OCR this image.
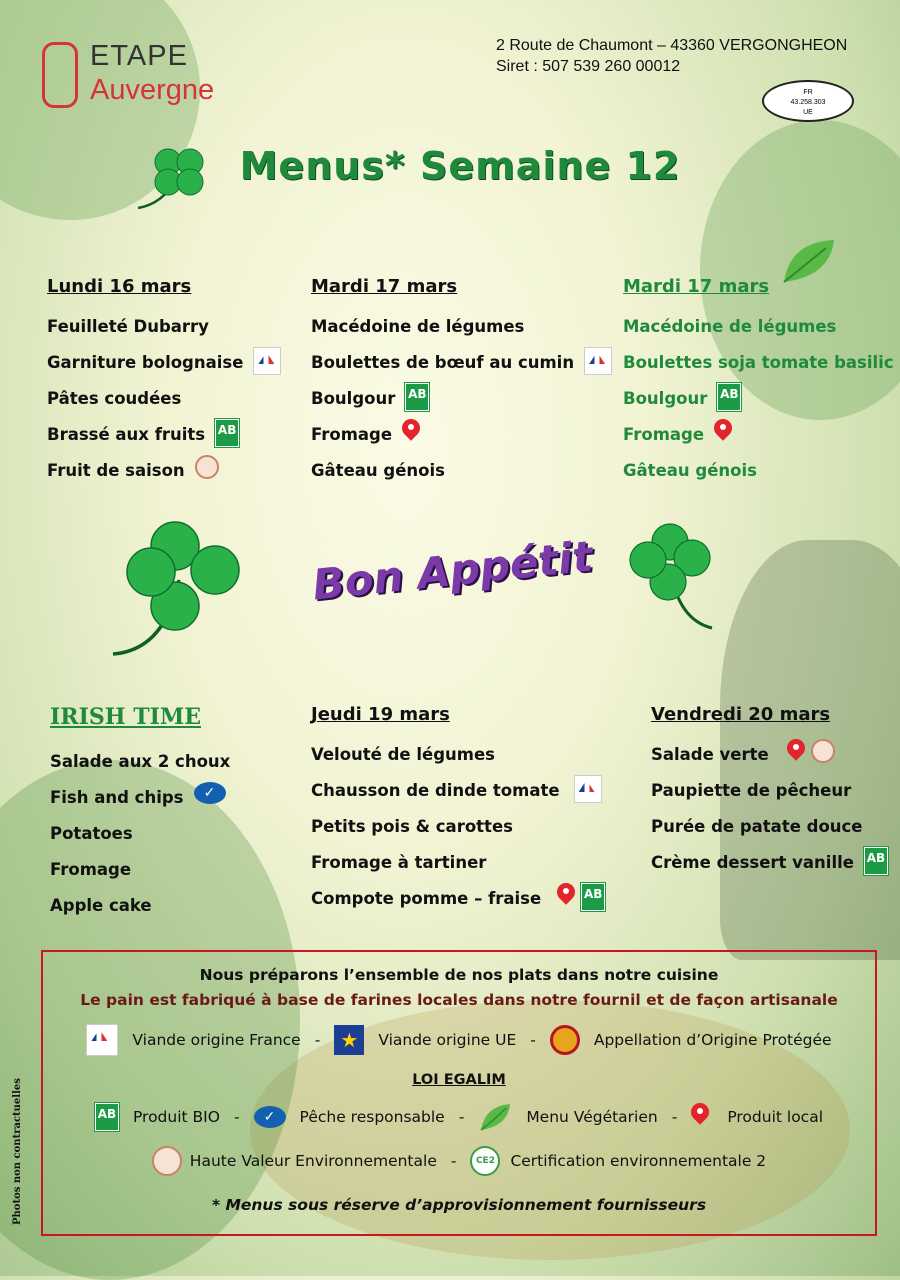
ETAPE
Auvergne
2 Route de Chaumont – 43360 VERGONGHEON
Siret : 507 539 260 00012
FR
43.258.303
UE
Menus* Semaine 12
Lundi 16 mars
Feuilleté Dubarry
Garniture bolognaise
Pâtes coudées
Brassé aux fruits AB
Fruit de saison
Mardi 17 mars
Macédoine de légumes
Boulettes de bœuf au cumin
Boulgour AB
Fromage
Gâteau génois
Mardi 17 mars
Macédoine de légumes
Boulettes soja tomate basilic
Boulgour AB
Fromage
Gâteau génois
Bon Appétit
IRISH TIME
Salade aux 2 choux
Fish and chips	✓
Potatoes
Fromage
Apple cake
Jeudi 19 mars
Velouté de légumes
Chausson de dinde tomate
Petits pois & carottes
Fromage à tartiner
Compote pomme – fraise	AB
Vendredi 20 mars
Salade verte
Paupiette de pêcheur
Purée de patate douce
Crème dessert vanille AB
Nous préparons l’ensemble de nos plats dans notre cuisine
Le pain est fabriqué à base de farines locales dans notre fournil et de façon artisanale
Viande origine France -	★	Viande origine UE -	Appellation d’Origine Protégée
LOI EGALIM
AB Produit BIO -	✓	Pêche responsable -	Menu Végétarien -	Produit local
Haute Valeur Environnementale -	CE2	Certification environnementale 2
* Menus sous réserve d’approvisionnement fournisseurs
Photos non contractuelles
